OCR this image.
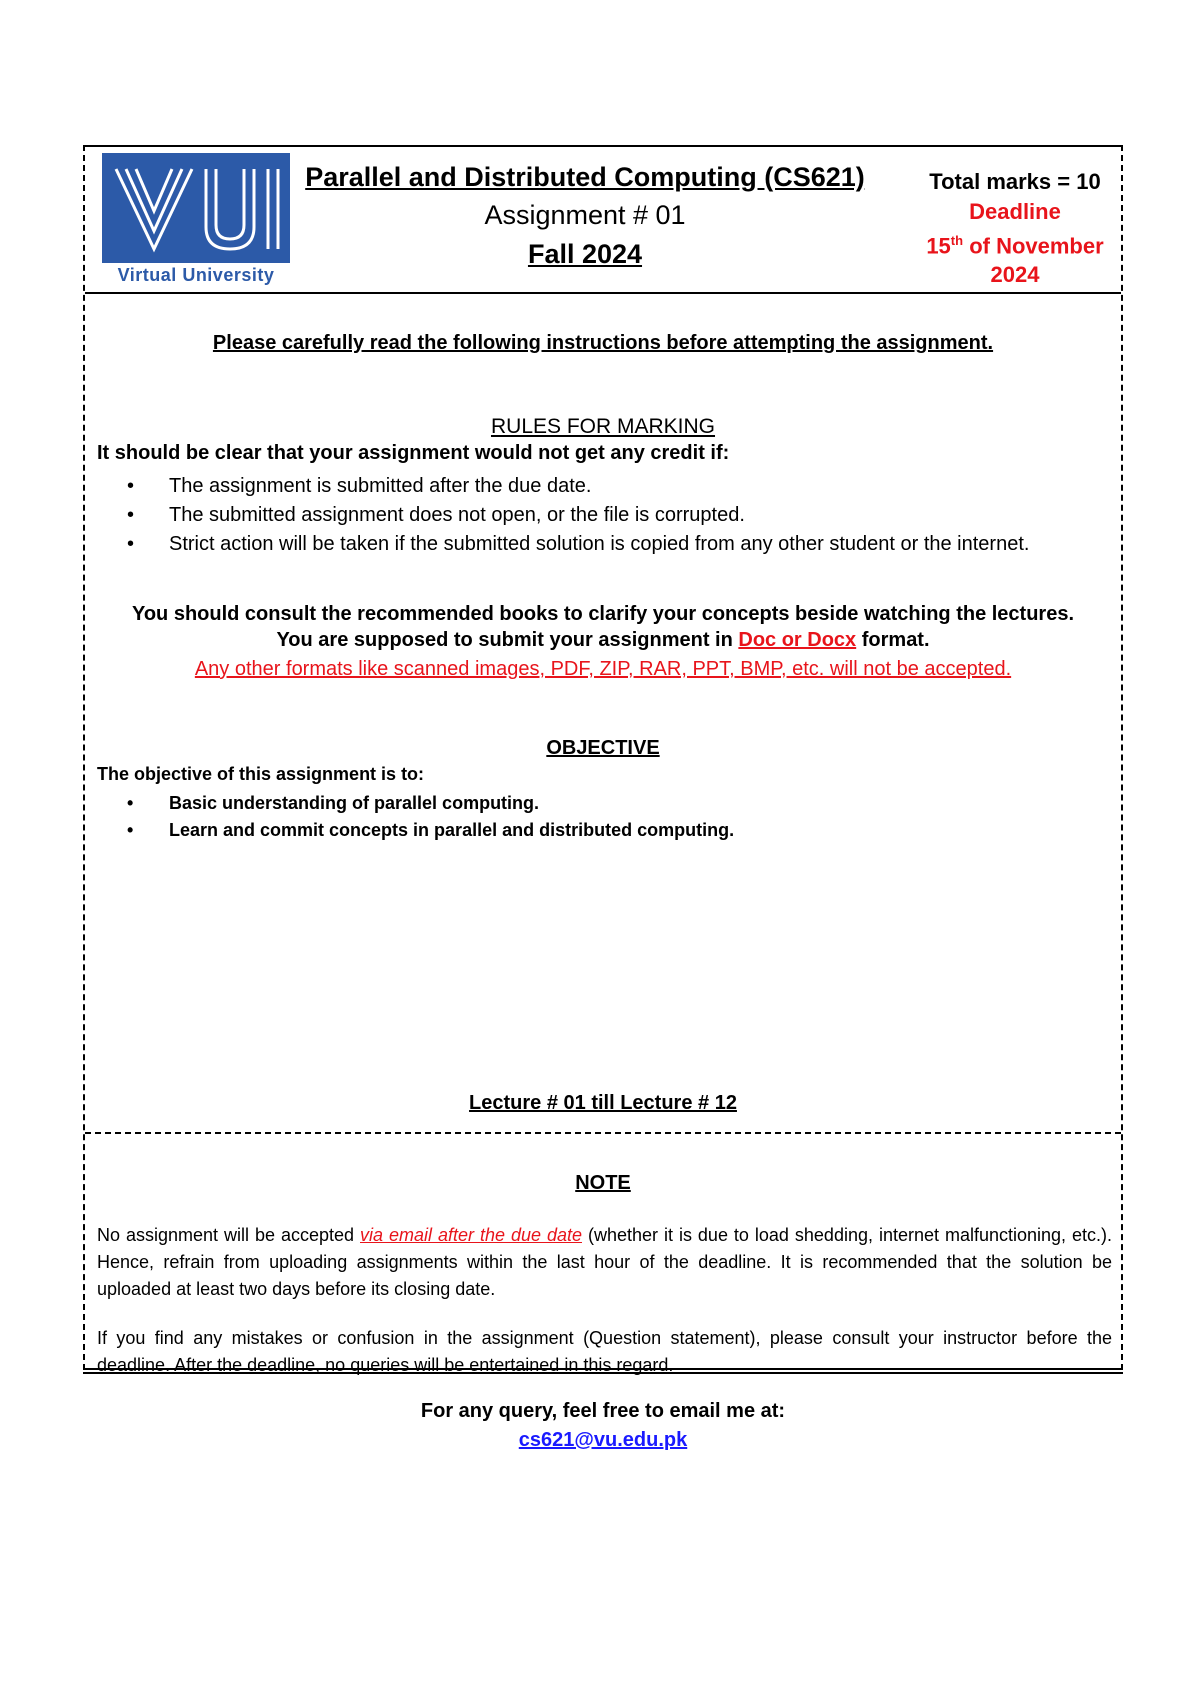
Virtual University
Parallel and Distributed Computing (CS621)
Assignment # 01
Fall 2024
Total marks = 10
Deadline
15th of November
2024
Please carefully read the following instructions before attempting the assignment.
RULES FOR MARKING
It should be clear that your assignment would not get any credit if:
• The assignment is submitted after the due date.
• The submitted assignment does not open, or the file is corrupted.
• Strict action will be taken if the submitted solution is copied from any other student or the internet.
You should consult the recommended books to clarify your concepts beside watching the lectures.
You are supposed to submit your assignment in Doc or Docx format.
Any other formats like scanned images, PDF, ZIP, RAR, PPT, BMP, etc. will not be accepted.
OBJECTIVE
The objective of this assignment is to:
• Basic understanding of parallel computing.
• Learn and commit concepts in parallel and distributed computing.
Lecture # 01 till Lecture # 12
NOTE
No assignment will be accepted via email after the due date (whether it is due to load shedding, internet malfunctioning, etc.). Hence, refrain from uploading assignments within the last hour of the deadline. It is recommended that the solution be uploaded at least two days before its closing date.
If you find any mistakes or confusion in the assignment (Question statement), please consult your instructor before the deadline. After the deadline, no queries will be entertained in this regard.
For any query, feel free to email me at:
cs621@vu.edu.pk
